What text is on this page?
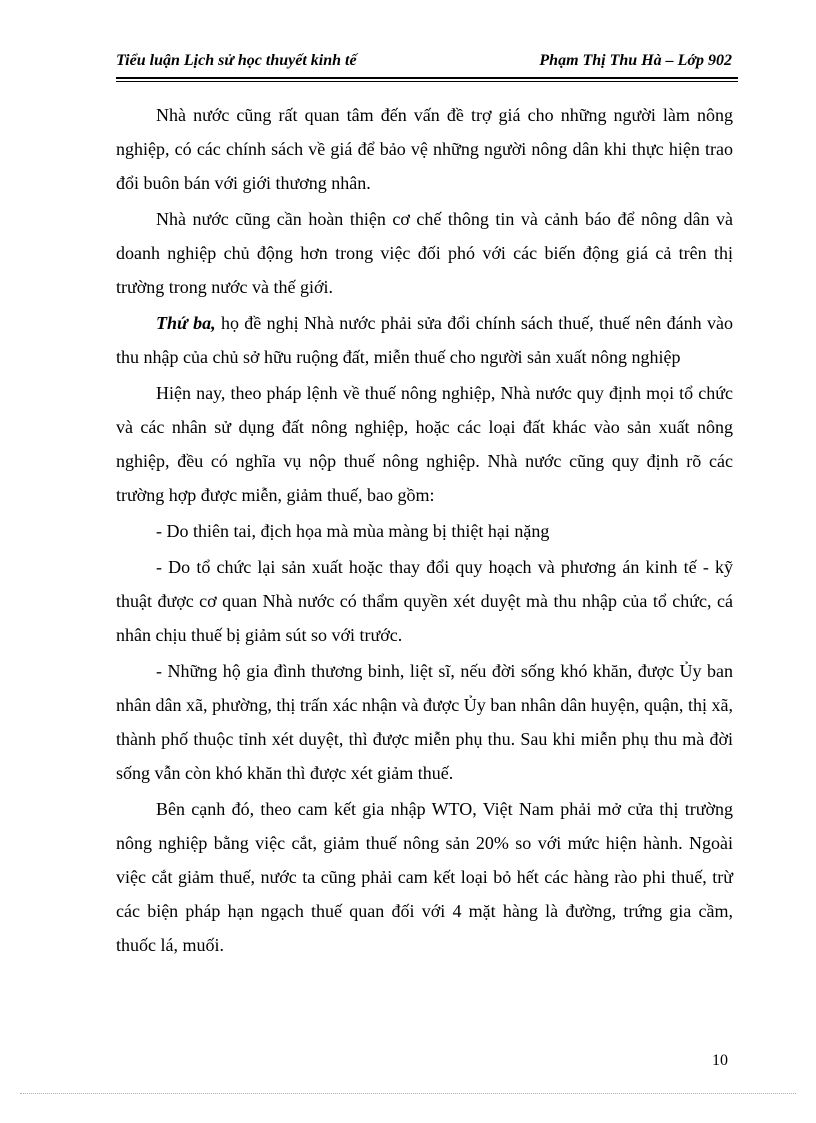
Tiểu luận Lịch sử học thuyết kinh tế	Phạm Thị Thu Hà – Lớp 902

Nhà nước cũng rất quan tâm đến vấn đề trợ giá cho những người làm nông nghiệp, có các chính sách về giá để bảo vệ những người nông dân khi thực hiện trao đổi buôn bán với giới thương nhân.

Nhà nước cũng cần hoàn thiện cơ chế thông tin và cảnh báo để nông dân và doanh nghiệp chủ động hơn trong việc đối phó với các biến động giá cả trên thị trường trong nước và thế giới.

Thứ ba, họ đề nghị Nhà nước phải sửa đổi chính sách thuế, thuế nên đánh vào thu nhập của chủ sở hữu ruộng đất, miễn thuế cho người sản xuất nông nghiệp

Hiện nay, theo pháp lệnh về thuế nông nghiệp, Nhà nước quy định mọi tổ chức và các nhân sử dụng đất nông nghiệp, hoặc các loại đất khác vào sản xuất nông nghiệp, đều có nghĩa vụ nộp thuế nông nghiệp. Nhà nước cũng quy định rõ các trường hợp được miễn, giảm thuế, bao gồm:

- Do thiên tai, địch họa mà mùa màng bị thiệt hại nặng

- Do tổ chức lại sản xuất hoặc thay đổi quy hoạch và phương án kinh tế - kỹ thuật được cơ quan Nhà nước có thẩm quyền xét duyệt mà thu nhập của tổ chức, cá nhân chịu thuế bị giảm sút so với trước.

- Những hộ gia đình thương binh, liệt sĩ, nếu đời sống khó khăn, được Ủy ban nhân dân xã, phường, thị trấn xác nhận và được Ủy ban nhân dân huyện, quận, thị xã, thành phố thuộc tỉnh xét duyệt, thì được miễn phụ thu. Sau khi miễn phụ thu mà đời sống vẫn còn khó khăn thì được xét giảm thuế.

Bên cạnh đó, theo cam kết gia nhập WTO, Việt Nam phải mở cửa thị trường nông nghiệp bằng việc cắt, giảm thuế nông sản 20% so với mức hiện hành. Ngoài việc cắt giảm thuế, nước ta cũng phải cam kết loại bỏ hết các hàng rào phi thuế, trừ các biện pháp hạn ngạch thuế quan đối với 4 mặt hàng là đường, trứng gia cầm, thuốc lá, muối.

10
